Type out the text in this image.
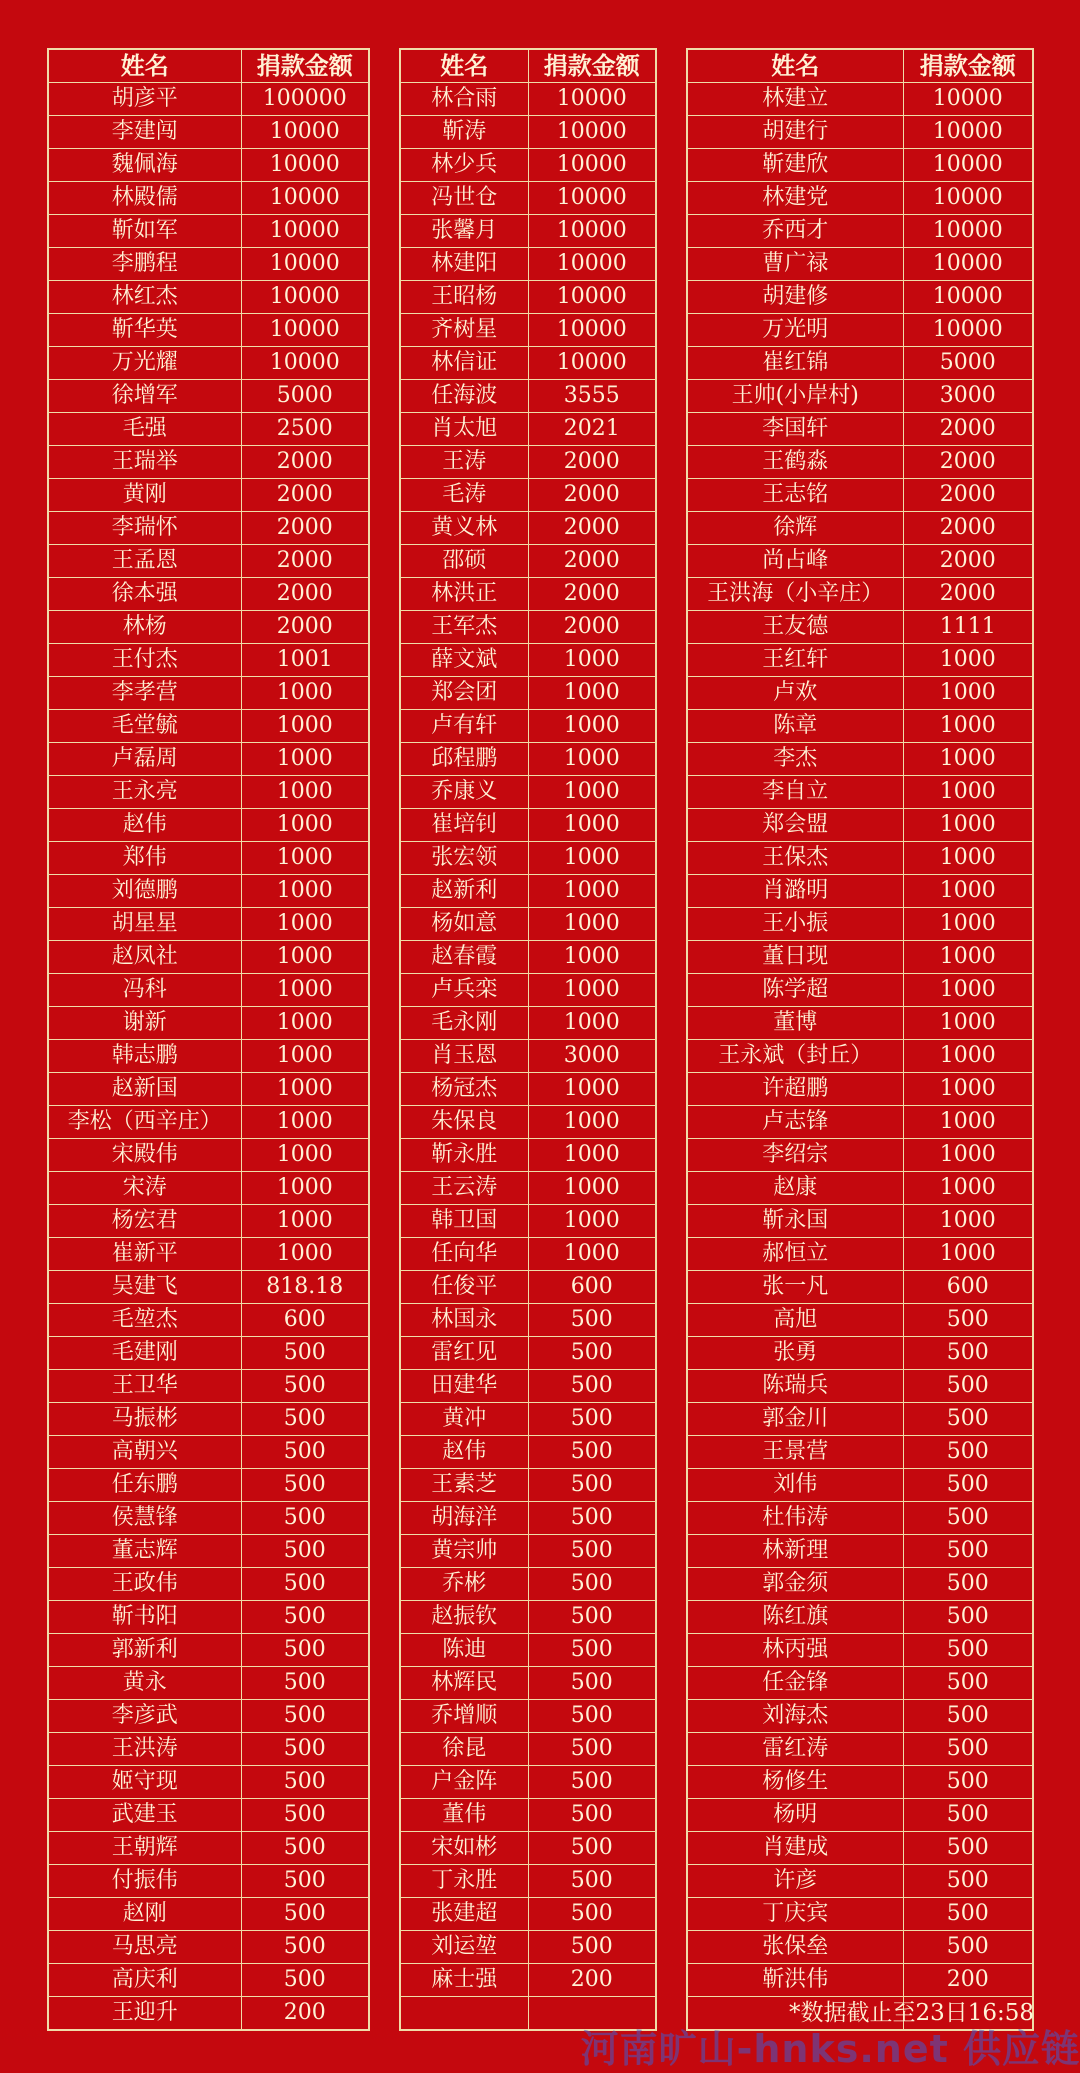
姓名	捐款金额
胡彦平	100000
李建闯	10000
魏佩海	10000
林殿儒	10000
靳如军	10000
李鹏程	10000
林红杰	10000
靳华英	10000
万光耀	10000
徐增军	5000
毛强	2500
王瑞举	2000
黄刚	2000
李瑞怀	2000
王孟恩	2000
徐本强	2000
林杨	2000
王付杰	1001
李孝营	1000
毛堂毓	1000
卢磊周	1000
王永亮	1000
赵伟	1000
郑伟	1000
刘德鹏	1000
胡星星	1000
赵凤社	1000
冯科	1000
谢新	1000
韩志鹏	1000
赵新国	1000
李松（西辛庄）	1000
宋殿伟	1000
宋涛	1000
杨宏君	1000
崔新平	1000
吴建飞	818.18
毛堃杰	600
毛建刚	500
王卫华	500
马振彬	500
高朝兴	500
任东鹏	500
侯慧锋	500
董志辉	500
王政伟	500
靳书阳	500
郭新利	500
黄永	500
李彦武	500
王洪涛	500
姬守现	500
武建玉	500
王朝辉	500
付振伟	500
赵刚	500
马思亮	500
高庆利	500
王迎升	200
姓名	捐款金额
林合雨	10000
靳涛	10000
林少兵	10000
冯世仓	10000
张馨月	10000
林建阳	10000
王昭杨	10000
齐树星	10000
林信证	10000
任海波	3555
肖太旭	2021
王涛	2000
毛涛	2000
黄义林	2000
邵硕	2000
林洪正	2000
王军杰	2000
薛文斌	1000
郑会团	1000
卢有轩	1000
邱程鹏	1000
乔康义	1000
崔培钊	1000
张宏领	1000
赵新利	1000
杨如意	1000
赵春霞	1000
卢兵栾	1000
毛永刚	1000
肖玉恩	3000
杨冠杰	1000
朱保良	1000
靳永胜	1000
王云涛	1000
韩卫国	1000
任向华	1000
任俊平	600
林国永	500
雷红见	500
田建华	500
黄冲	500
赵伟	500
王素芝	500
胡海洋	500
黄宗帅	500
乔彬	500
赵振钦	500
陈迪	500
林辉民	500
乔增顺	500
徐昆	500
户金阵	500
董伟	500
宋如彬	500
丁永胜	500
张建超	500
刘运堃	500
麻士强	200

姓名	捐款金额
林建立	10000
胡建行	10000
靳建欣	10000
林建党	10000
乔西才	10000
曹广禄	10000
胡建修	10000
万光明	10000
崔红锦	5000
王帅(小岸村)	3000
李国轩	2000
王鹤淼	2000
王志铭	2000
徐辉	2000
尚占峰	2000
王洪海（小辛庄）	2000
王友德	1111
王红轩	1000
卢欢	1000
陈章	1000
李杰	1000
李自立	1000
郑会盟	1000
王保杰	1000
肖潞明	1000
王小振	1000
董日现	1000
陈学超	1000
董博	1000
王永斌（封丘）	1000
许超鹏	1000
卢志锋	1000
李绍宗	1000
赵康	1000
靳永国	1000
郝恒立	1000
张一凡	600
高旭	500
张勇	500
陈瑞兵	500
郭金川	500
王景营	500
刘伟	500
杜伟涛	500
林新理	500
郭金须	500
陈红旗	500
林丙强	500
任金锋	500
刘海杰	500
雷红涛	500
杨修生	500
杨明	500
肖建成	500
许彦	500
丁庆宾	500
张保垒	500
靳洪伟	200

*数据截止至23日16:58
河南旷山-hnks.net 供应链
